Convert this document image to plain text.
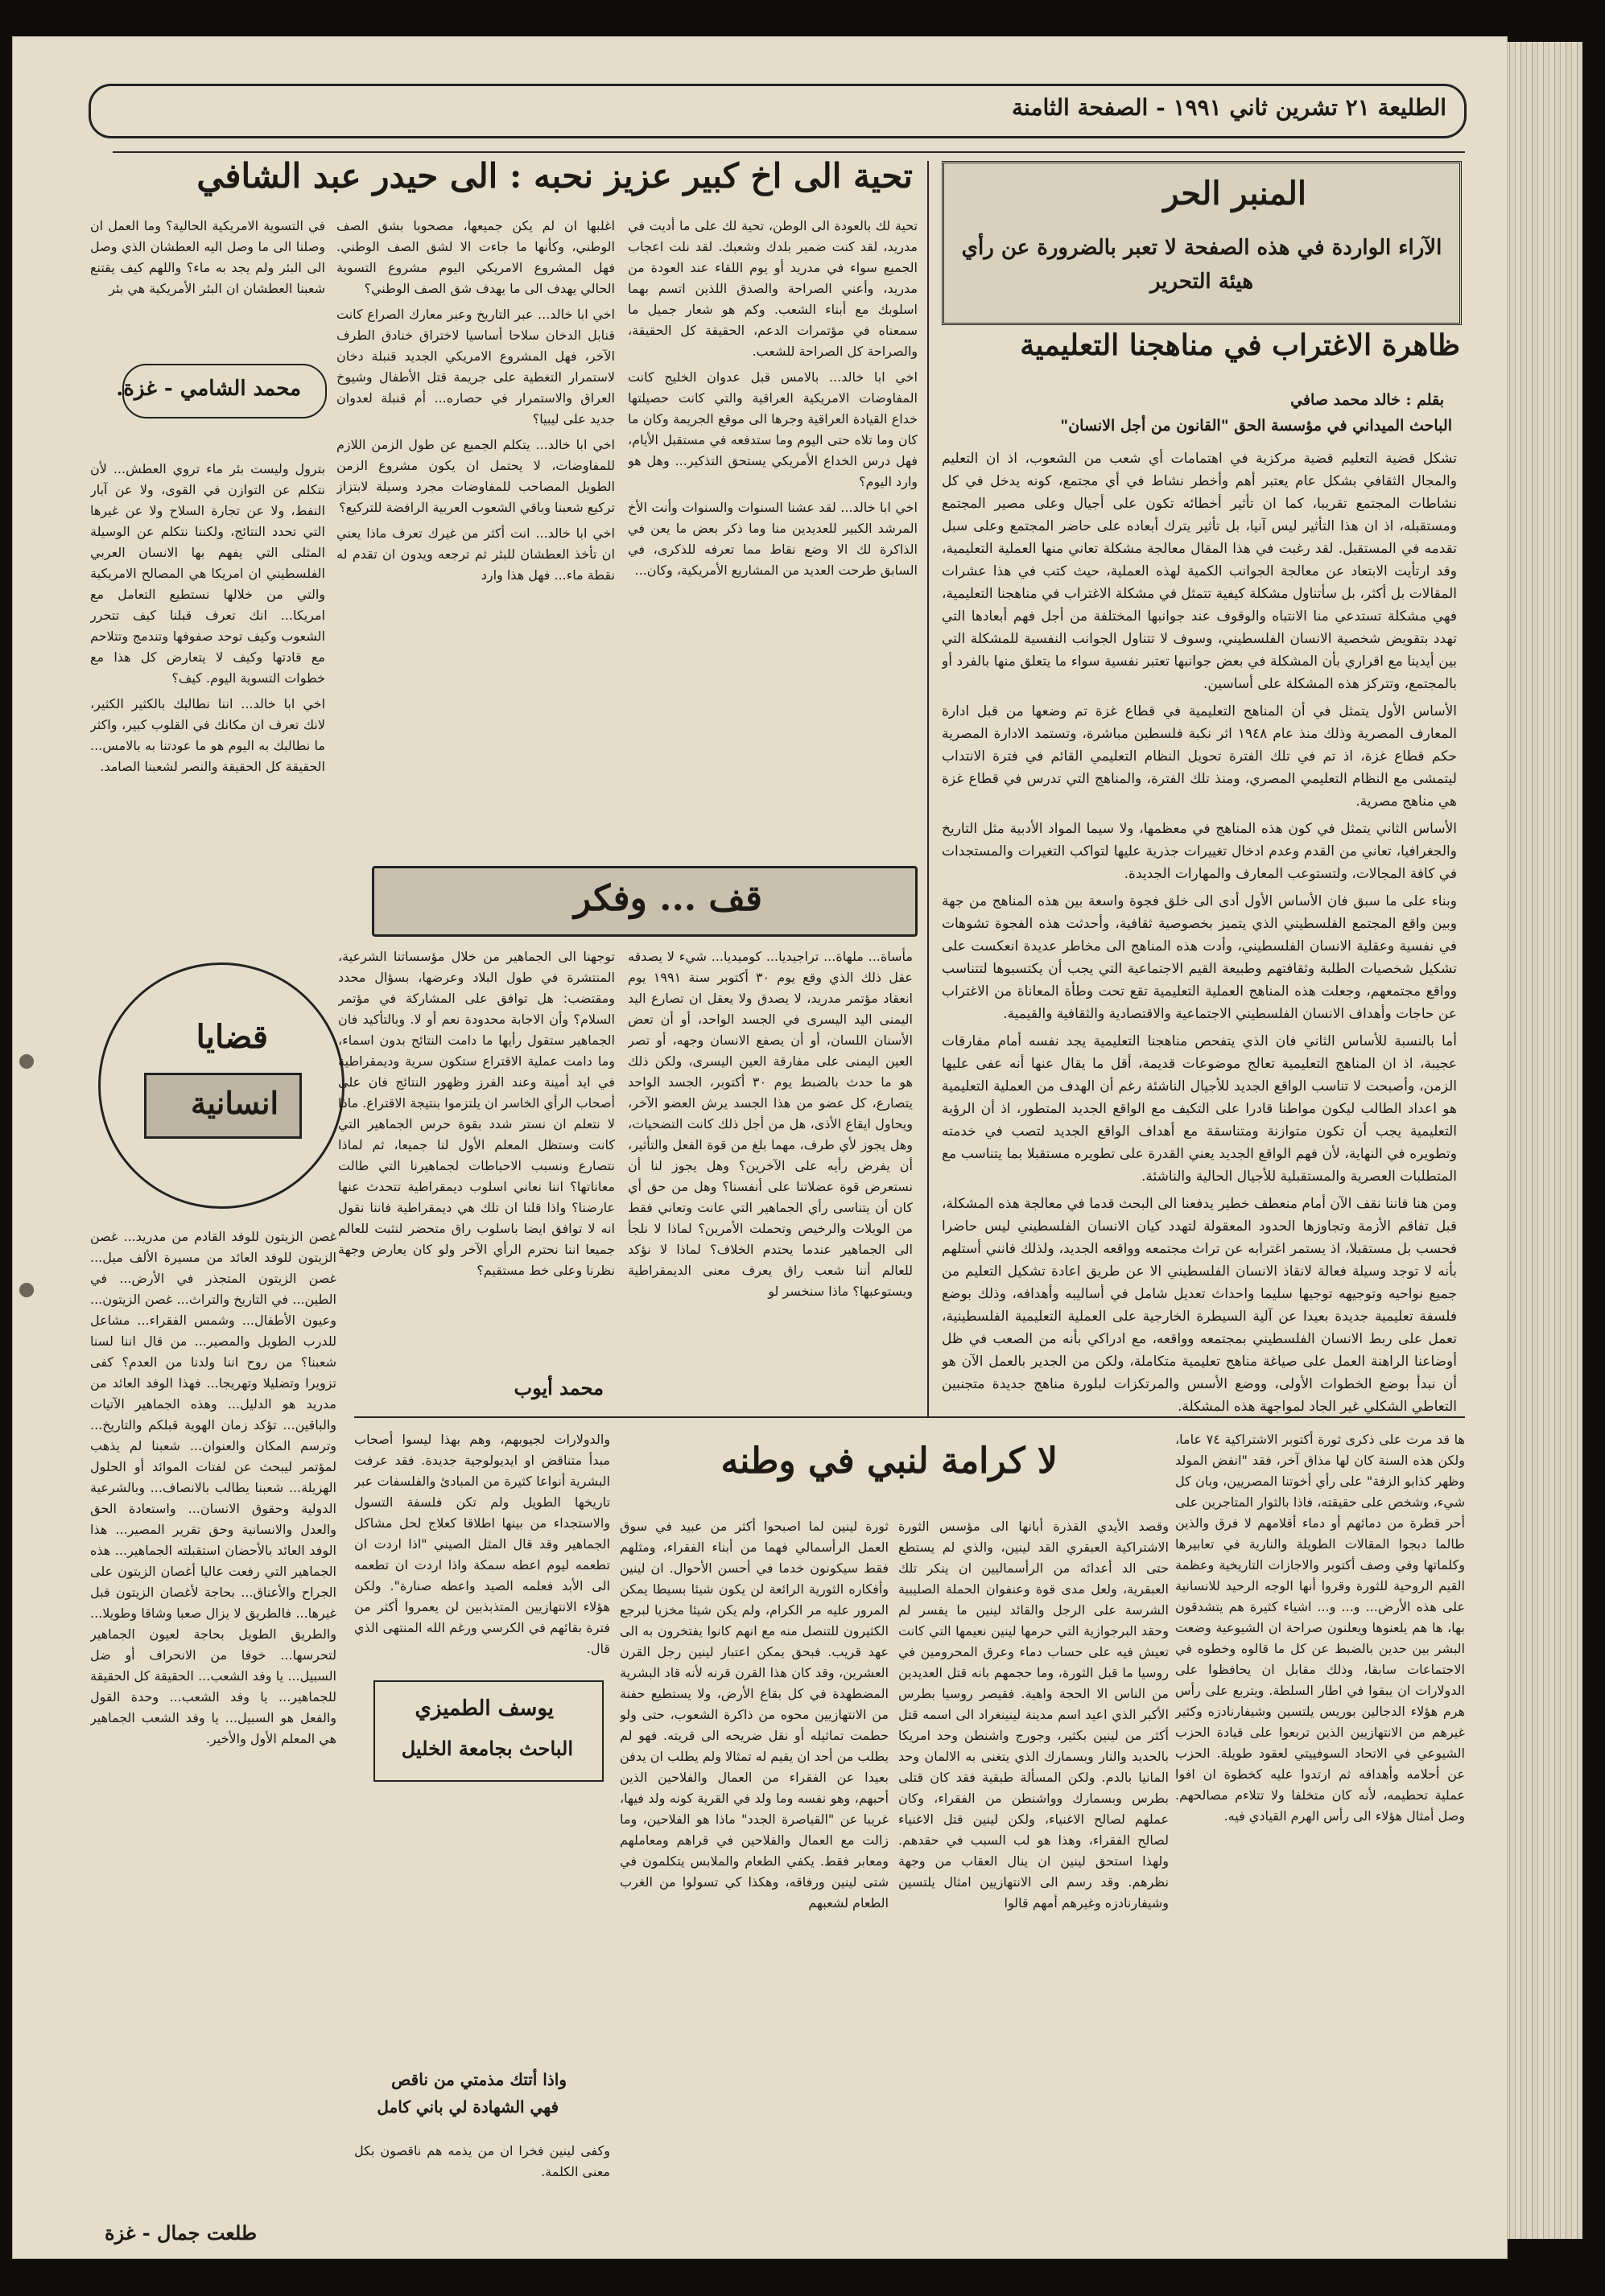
الطليعة ٢١ تشرين ثاني ١٩٩١ - الصفحة الثامنة
المنبر الحر
الآراء الواردة في هذه الصفحة لا تعبر بالضرورة عن رأي هيئة التحرير
ظاهرة الاغتراب في مناهجنا التعليمية
بقلم : خالد محمد صافي
الباحث الميداني في مؤسسة الحق "القانون من أجل الانسان"

تشكل قضية التعليم قضية مركزية في اهتمامات أي شعب من الشعوب، اذ ان التعليم والمجال الثقافي بشكل عام يعتبر أهم وأخطر نشاط في أي مجتمع، كونه يدخل في كل نشاطات المجتمع تقريبا، كما ان تأثير أخطائه تكون على أجيال وعلى مصير المجتمع ومستقبله، اذ ان هذا التأثير ليس آنيا، بل تأثير يترك أبعاده على حاضر المجتمع وعلى سبل تقدمه في المستقبل. لقد رغبت في هذا المقال معالجة مشكلة تعاني منها العملية التعليمية، وقد ارتأيت الابتعاد عن معالجة الجوانب الكمية لهذه العملية، حيث كتب في هذا عشرات المقالات بل أكثر، بل سأتناول مشكلة كيفية تتمثل في مشكلة الاغتراب في مناهجنا التعليمية، فهي مشكلة تستدعي منا الانتباه والوقوف عند جوانبها المختلفة من أجل فهم أبعادها التي تهدد بتقويض شخصية الانسان الفلسطيني، وسوف لا تتناول الجوانب النفسية للمشكلة التي بين أيدينا مع اقراري بأن المشكلة في بعض جوانبها تعتبر نفسية سواء ما يتعلق منها بالفرد أو بالمجتمع، وتتركز هذه المشكلة على أساسين.

الأساس الأول يتمثل في أن المناهج التعليمية في قطاع غزة تم وضعها من قبل ادارة المعارف المصرية وذلك منذ عام ١٩٤٨ اثر نكبة فلسطين مباشرة، وتستمد الادارة المصرية حكم قطاع غزة، اذ تم في تلك الفترة تحويل النظام التعليمي القائم في فترة الانتداب ليتمشى مع النظام التعليمي المصري، ومنذ تلك الفترة، والمناهج التي تدرس في قطاع غزة هي مناهج مصرية.

الأساس الثاني يتمثل في كون هذه المناهج في معظمها، ولا سيما المواد الأدبية مثل التاريخ والجغرافيا، تعاني من القدم وعدم ادخال تغييرات جذرية عليها لتواكب التغيرات والمستجدات في كافة المجالات، ولتستوعب المعارف والمهارات الجديدة.

وبناء على ما سبق فان الأساس الأول أدى الى خلق فجوة واسعة بين هذه المناهج من جهة وبين واقع المجتمع الفلسطيني الذي يتميز بخصوصية ثقافية، وأحدثت هذه الفجوة تشوهات في نفسية وعقلية الانسان الفلسطيني، وأدت هذه المناهج الى مخاطر عديدة انعكست على تشكيل شخصيات الطلبة وثقافتهم وطبيعة القيم الاجتماعية التي يجب أن يكتسبوها لتتناسب وواقع مجتمعهم، وجعلت هذه المناهج العملية التعليمية تقع تحت وطأة المعاناة من الاغتراب عن حاجات وأهداف الانسان الفلسطيني الاجتماعية والاقتصادية والثقافية والقيمية.

أما بالنسبة للأساس الثاني فان الذي يتفحص مناهجنا التعليمية يجد نفسه أمام مفارقات عجيبة، اذ ان المناهج التعليمية تعالج موضوعات قديمة، أقل ما يقال عنها أنه عفى عليها الزمن، وأصبحت لا تناسب الواقع الجديد للأجيال الناشئة رغم أن الهدف من العملية التعليمية هو اعداد الطالب ليكون مواطنا قادرا على التكيف مع الواقع الجديد المتطور، اذ أن الرؤية التعليمية يجب أن تكون متوازنة ومتناسقة مع أهداف الواقع الجديد لتصب في خدمته وتطويره في النهاية، لأن فهم الواقع الجديد يعني القدرة على تطويره مستقبلا بما يتناسب مع المتطلبات العصرية والمستقبلية للأجيال الحالية والناشئة.

ومن هنا فاننا نقف الآن أمام منعطف خطير يدفعنا الى البحث قدما في معالجة هذه المشكلة، قبل تفاقم الأزمة وتجاوزها الحدود المعقولة لتهدد كيان الانسان الفلسطيني ليس حاضرا فحسب بل مستقبلا، اذ يستمر اغترابه عن تراث مجتمعه وواقعه الجديد، ولذلك فانني أستلهم بأنه لا توجد وسيلة فعالة لانقاذ الانسان الفلسطيني الا عن طريق اعادة تشكيل التعليم من جميع نواحيه وتوجيهه توجيها سليما واحداث تعديل شامل في أساليبه وأهدافه، وذلك بوضع فلسفة تعليمية جديدة بعيدا عن آلية السيطرة الخارجية على العملية التعليمية الفلسطينية، تعمل على ربط الانسان الفلسطيني بمجتمعه وواقعه، مع ادراكي بأنه من الصعب في ظل أوضاعنا الراهنة العمل على صياغة مناهج تعليمية متكاملة، ولكن من الجدير بالعمل الآن هو أن نبدأ بوضع الخطوات الأولى، ووضع الأسس والمرتكزات لبلورة مناهج جديدة متجنبين التعاطي الشكلي غير الجاد لمواجهة هذه المشكلة.

تحية الى اخ كبير عزيز نحبه : الى حيدر عبد الشافي

تحية لك بالعودة الى الوطن، تحية لك على ما أديت في مدريد، لقد كنت ضمير بلدك وشعبك. لقد نلت اعجاب الجميع سواء في مدريد أو يوم اللقاء عند العودة من مدريد، وأعني الصراحة والصدق اللذين اتسم بهما اسلوبك مع أبناء الشعب. وكم هو شعار جميل ما سمعناه في مؤتمرات الدعم، الحقيقة كل الحقيقة، والصراحة كل الصراحة للشعب.

اخي ابا خالد... بالامس قبل عدوان الخليج كانت المفاوضات الامريكية العراقية والتي كانت حصيلتها خداع القيادة العراقية وجرها الى موقع الجريمة وكان ما كان وما تلاه حتى اليوم وما ستدفعه في مستقبل الأيام، فهل درس الخداع الأمريكي يستحق التذكير... وهل هو وارد اليوم؟

اخي ابا خالد... لقد عشنا السنوات والسنوات وأنت الأخ المرشد الكبير للعديدين منا وما ذكر بعض ما يعن في الذاكرة لك الا وضع نقاط مما تعرفه للذكرى، في السابق طرحت العديد من المشاريع الأمريكية، وكان...

اغلبها ان لم يكن جميعها، مصحوبا بشق الصف الوطني، وكأنها ما جاءت الا لشق الصف الوطني. فهل المشروع الامريكي اليوم مشروع التسوية الحالي يهدف الى ما يهدف شق الصف الوطني؟

اخي ابا خالد... عبر التاريخ وعبر معارك الصراع كانت قنابل الدخان سلاحا أساسيا لاختراق خنادق الطرف الآخر، فهل المشروع الامريكي الجديد قنبلة دخان لاستمرار التغطية على جريمة قتل الأطفال وشيوخ العراق والاستمرار في حصاره... أم قنبلة لعدوان جديد على ليبيا؟

اخي ابا خالد... يتكلم الجميع عن طول الزمن اللازم للمفاوضات، لا يحتمل ان يكون مشروع الزمن الطويل المصاحب للمفاوضات مجرد وسيلة لابتزاز تركيع شعبنا وباقي الشعوب العربية الرافضة للتركيع؟

اخي ابا خالد... انت أكثر من غيرك تعرف ماذا يعني ان تأخذ العطشان للبئر ثم ترجعه ويدون ان تقدم له نقطة ماء... فهل هذا وارد

في التسوية الامريكية الحالية؟ وما العمل ان وصلنا الى ما وصل اليه العطشان الذي وصل الى البئر ولم يجد به ماء؟ واللهم كيف يقتنع شعبنا العطشان ان البئر الأمريكية هي بئر

محمد الشامي - غزة.

بترول وليست بئر ماء تروي العطش... لأن نتكلم عن التوازن في القوى، ولا عن آبار النفط، ولا عن تجارة السلاح ولا عن غيرها التي تحدد النتائج، ولكننا نتكلم عن الوسيلة المثلى التي يفهم بها الانسان العربي الفلسطيني ان امريكا هي المصالح الامريكية والتي من خلالها نستطيع التعامل مع امريكا... انك تعرف قبلنا كيف تتحرر الشعوب وكيف توحد صفوفها وتندمج وتتلاحم مع قادتها وكيف لا يتعارض كل هذا مع خطوات التسوية اليوم. كيف؟

اخي ابا خالد... اننا نطالبك بالكثير الكثير، لانك تعرف ان مكانك في القلوب كبير، واكثر ما نطالبك به اليوم هو ما عودتنا به بالامس... الحقيقة كل الحقيقة والنصر لشعبنا الصامد.

قف ... وفكر
مأساة... ملهاة... تراجيديا... كوميديا... شيء لا يصدقه عقل ذلك الذي وقع يوم ٣٠ أكتوبر سنة ١٩٩١ يوم انعقاد مؤتمر مدريد، لا يصدق ولا يعقل ان تصارع اليد اليمنى اليد اليسرى في الجسد الواحد، أو أن تعض الأسنان اللسان، أو أن يصفع الانسان وجهه، أو تصر العين اليمنى على مفارقة العين اليسرى، ولكن ذلك هو ما حدث بالضبط يوم ٣٠ أكتوبر، الجسد الواحد يتصارع، كل عضو من هذا الجسد يرش العضو الآخر، ويحاول ايقاع الأذى، هل من أجل ذلك كانت التضحيات، وهل يجوز لأي طرف، مهما بلغ من قوة الفعل والتأثير، أن يفرض رأيه على الآخرين؟ وهل يجوز لنا أن نستعرض قوة عضلاتنا على أنفسنا؟ وهل من حق أي كان أن يتناسى رأي الجماهير التي عانت وتعاني فقط من الويلات والرخيص وتحملت الأمرين؟ لماذا لا نلجأ الى الجماهير عندما يحتدم الخلاف؟ لماذا لا نؤكد للعالم أننا شعب راق يعرف معنى الديمقراطية ويستوعبها؟ ماذا سنخسر لو
توجهنا الى الجماهير من خلال مؤسساتنا الشرعية، المنتشرة في طول البلاد وعرضها، بسؤال محدد ومقتضب: هل توافق على المشاركة في مؤتمر السلام؟ وأن الاجابة محدودة نعم أو لا. وبالتأكيد فان الجماهير ستقول رأيها ما دامت النتائج بدون اسماء، وما دامت عملية الاقتراع ستكون سرية وديمقراطية في ايد أمينة وعند الفرز وظهور النتائج فان على أصحاب الرأي الخاسر ان يلتزموا بنتيجة الاقتراع. ماذا لا نتعلم ان نستر شدد بقوة حرس الجماهير التي كانت وستظل المعلم الأول لنا جميعا، ثم لماذا نتصارع ونسبب الاحباطات لجماهيرنا التي طالت معاناتها؟ اننا نعاني اسلوب ديمقراطية تتحدث عنها عارضنا؟ واذا قلنا ان تلك هي ديمقراطية فاننا نقول انه لا توافق ايضا باسلوب راق متحضر لنثبت للعالم جميعا اننا نحترم الرأي الآخر ولو كان يعارض وجهة نظرنا وعلى خط مستقيم؟
محمد أيوب
قضايا
انسانية
غصن الزيتون للوفد القادم من مدريد... غصن الزيتون للوفد العائد من مسيرة الألف ميل... غصن الزيتون المتجذر في الأرض... في الطين... في التاريخ والتراث... غصن الزيتون... وعيون الأطفال... وشمس الفقراء... مشاعل للدرب الطويل والمصير... من قال اننا لسنا شعبنا؟ من روح اننا ولدنا من العدم؟ كفى تزويرا وتضليلا وتهريجا... فهذا الوفد العائد من مدريد هو الدليل... وهذه الجماهير الآتيات والباقين... تؤكد زمان الهوية قبلكم والتاريخ... وترسم المكان والعنوان... شعبنا لم يذهب لمؤتمر ليبحث عن لفتات الموائد أو الحلول الهزيلة... شعبنا يطالب بالانصاف... وبالشرعية الدولية وحقوق الانسان... واستعادة الحق والعدل والانسانية وحق تقرير المصير... هذا الوفد العائد بالأحضان استقبلته الجماهير... هذه الجماهير التي رفعت عاليا أغصان الزيتون على الجراح والأعناق... بحاجة لأغصان الزيتون قبل غيرها... فالطريق لا يزال صعبا وشاقا وطويلا... والطريق الطويل بحاجة لعيون الجماهير لتحرسها... خوفا من الانحراف أو ضل السبيل... يا وفد الشعب... الحقيقة كل الحقيقة للجماهير... يا وفد الشعب... وحدة القول والفعل هو السبيل... يا وفد الشعب الجماهير هي المعلم الأول والأخير.
طلعت جمال - غزة
ها قد مرت على ذكرى ثورة أكتوبر الاشتراكية ٧٤ عاما، ولكن هذه السنة كان لها مذاق آخر، فقد "انفض المولد وظهر كذابو الزفة" على رأي أخوتنا المصريين، وبان كل شيء، وشخص على حقيقته، فاذا بالثوار المتاجرين على أحر قطرة من دمائهم أو دماء أقلامهم لا فرق والذين طالما دبجوا المقالات الطويلة والنارية في تعابيرها وكلماتها وفي وصف أكتوبر والاجازات التاريخية وعظمة القيم الروحية للثورة وقروا أنها الوجه الرحيد للانسانية على هذه الأرض... و... و... اشياء كثيرة هم يتشدقون بها، ها هم يلعنوها ويعلنون صراحة ان الشيوعية وضعت البشر بين حدين بالضبط عن كل ما قالوه وخطوه في الاجتماعات سابقا، وذلك مقابل ان يحافظوا على الدولارات ان يبقوا في اطار السلطة. ويتربع على رأس هرم هؤلاء الدجالين بوريس يلتسين وشيفارنادزه وكثير غيرهم من الانتهازيين الذين تربعوا على قيادة الحزب الشيوعي في الاتحاد السوفييتي لعقود طويلة. الحزب عن أحلامه وأهدافه ثم ارتدوا عليه كخطوة ان افوا عملية تحطيمه، لأنه كان متخلفا ولا تتلاءم مصالحهم. وصل أمثال هؤلاء الى رأس الهرم القيادي فيه.
لا كرامة لنبي في وطنه
وقصد الأيدي القذرة أبانها الى مؤسس الثورة الاشتراكية العبقري القد لينين، والذي لم يستطع حتى الد أعدائه من الرأسماليين ان ينكر تلك العبقرية، ولعل مدى قوة وعنفوان الحملة الصليبية الشرسة على الرجل والقائد لينين ما يفسر لم وحقد البرجوازية التي حرمها لينين نعيمها التي كانت تعيش فيه على حساب دماء وعرق المحرومين في روسيا ما قبل الثورة، وما حجمهم بانه قتل العديدين من الناس الا الحجة واهية. فقيصر روسيا بطرس الأكبر الذي اعيد اسم مدينة لينينغراد الى اسمه قتل أكثر من لينين بكثير، وجورج واشنطن وحد امريكا بالحديد والنار وبسمارك الذي يتغنى به الالمان وحد المانيا بالدم. ولكن المسألة طبقية فقد كان قتلى بطرس وبسمارك وواشنطن من الفقراء، وكان عملهم لصالح الاغنياء، ولكن لينين قتل الاغنياء لصالح الفقراء، وهذا هو لب السبب في حقدهم. ولهذا استحق لينين ان ينال العقاب من وجهة نظرهم. وقد رسم الى الانتهازيين امثال يلتسين وشيفارنادزه وغيرهم أمهم قالوا
ثورة لينين لما اصبحوا أكثر من عبيد في سوق العمل الرأسمالي فهما من أبناء الفقراء، ومثلهم فقط سيكونون خدما في أحسن الأحوال. ان لينين وأفكاره الثورية الرائعة لن يكون شيئا بسيطا يمكن المرور عليه مر الكرام، ولم يكن شيئا مخزيا لبرجع الكثيرون للتنصل منه مع انهم كانوا يفتخرون به الى عهد قريب. فبحق يمكن اعتبار لينين رجل القرن العشرين، وقد كان هذا القرن قرنه لأنه قاد البشرية المضطهدة في كل بقاع الأرض، ولا يستطيع حفنة من الانتهازيين محوه من ذاكرة الشعوب، حتى ولو حطمت تماثيله أو نقل ضريحه الى قريته. فهو لم يطلب من أحد ان يقيم له تمثالا ولم يطلب ان يدفن بعيدا عن الفقراء من العمال والفلاحين الذين أحبهم، وهو نفسه وما ولد في القرية كونه ولد فيها، غريبا عن "القياصرة الجدد" ماذا هو الفلاحين، وما زالت مع العمال والفلاحين في قراهم ومعاملهم ومعابر فقط. يكفي الطعام والملابس يتكلمون في شتى لينين ورفاقه، وهكذا كي تسولوا من الغرب الطعام لشعبهم
والدولارات لجيوبهم، وهم بهذا ليسوا أصحاب مبدأ متناقض او ايديولوجية جديدة. فقد عرفت البشرية أنواعا كثيرة من المبادئ والفلسفات عبر تاريخها الطويل ولم تكن فلسفة التسول والاستجداء من بينها اطلاقا كعلاج لحل مشاكل الجماهير وقد قال المثل الصيني "اذا اردت ان تطعمه ليوم اعطه سمكة واذا اردت ان تطعمه الى الأبد فعلمه الصيد واعطه صنارة". ولكن هؤلاء الانتهازيين المتذبذبين لن يعمروا أكثر من فترة بقائهم في الكرسي ورغم الله المنتهى الذي قال.
يوسف الطميزي
الباحث بجامعة الخليل
واذا أتتك مذمتي من ناقص
فهي الشهادة لي باني كامل
وكفى لينين فخرا ان من يذمه هم ناقصون بكل معنى الكلمة.
